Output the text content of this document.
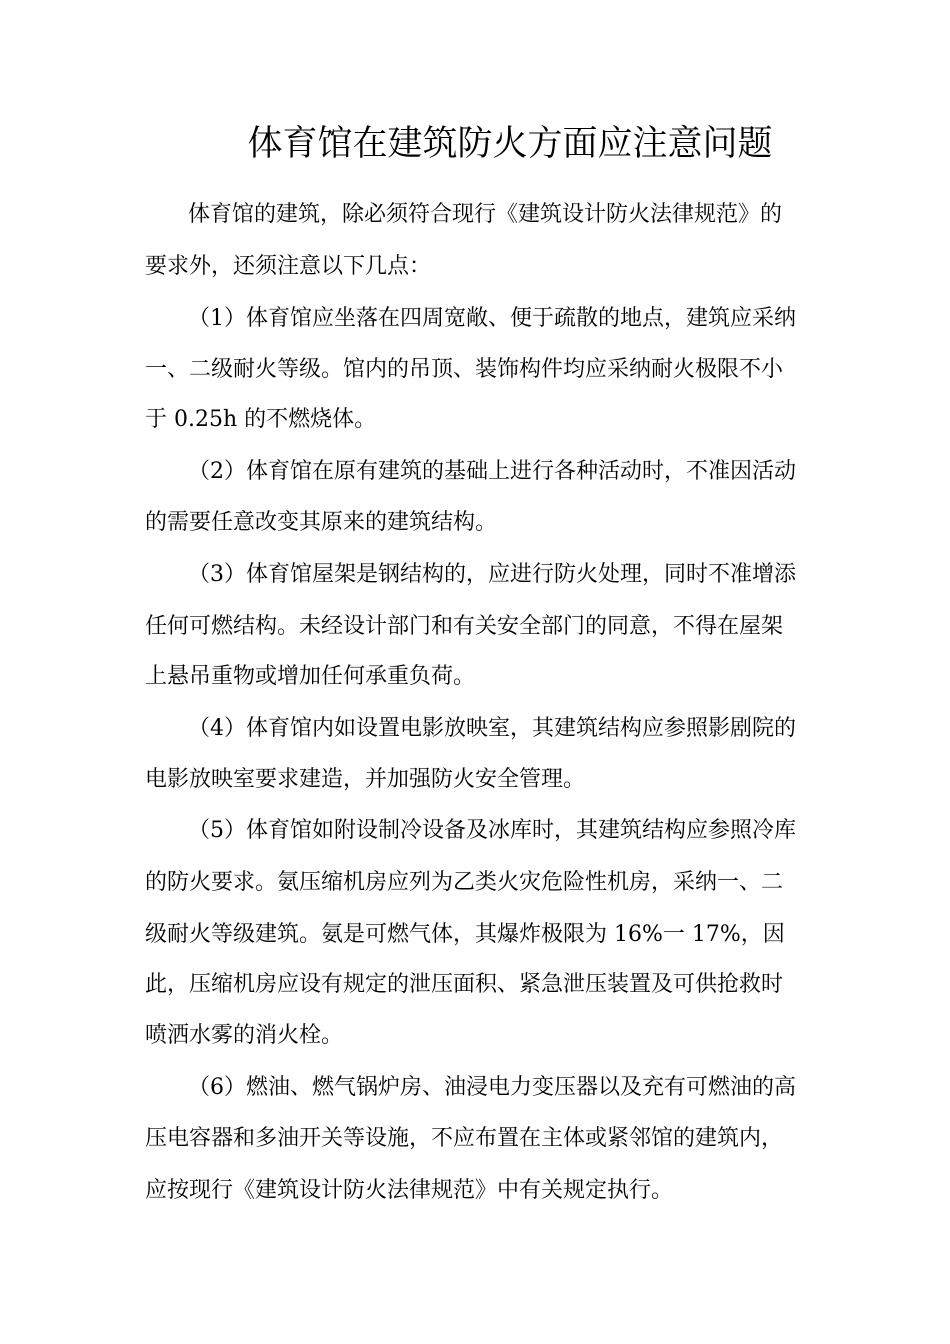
体育馆在建筑防火方面应注意问题

体育馆的建筑，除必须符合现行《建筑设计防火法律规范》的

要求外，还须注意以下几点：

（1）体育馆应坐落在四周宽敞、便于疏散的地点，建筑应采纳

一、二级耐火等级。馆内的吊顶、装饰构件均应采纳耐火极限不小

于 0.25h 的不燃烧体。

（2）体育馆在原有建筑的基础上进行各种活动时，不准因活动

的需要任意改变其原来的建筑结构。

（3）体育馆屋架是钢结构的，应进行防火处理，同时不准增添

任何可燃结构。未经设计部门和有关安全部门的同意，不得在屋架

上悬吊重物或增加任何承重负荷。

（4）体育馆内如设置电影放映室，其建筑结构应参照影剧院的

电影放映室要求建造，并加强防火安全管理。

（5）体育馆如附设制冷设备及冰库时，其建筑结构应参照冷库

的防火要求。氨压缩机房应列为乙类火灾危险性机房，采纳一、二

级耐火等级建筑。氨是可燃气体，其爆炸极限为 16%一 17%，因

此，压缩机房应设有规定的泄压面积、紧急泄压装置及可供抢救时

喷洒水雾的消火栓。

（6）燃油、燃气锅炉房、油浸电力变压器以及充有可燃油的高

压电容器和多油开关等设施，不应布置在主体或紧邻馆的建筑内，

应按现行《建筑设计防火法律规范》中有关规定执行。
